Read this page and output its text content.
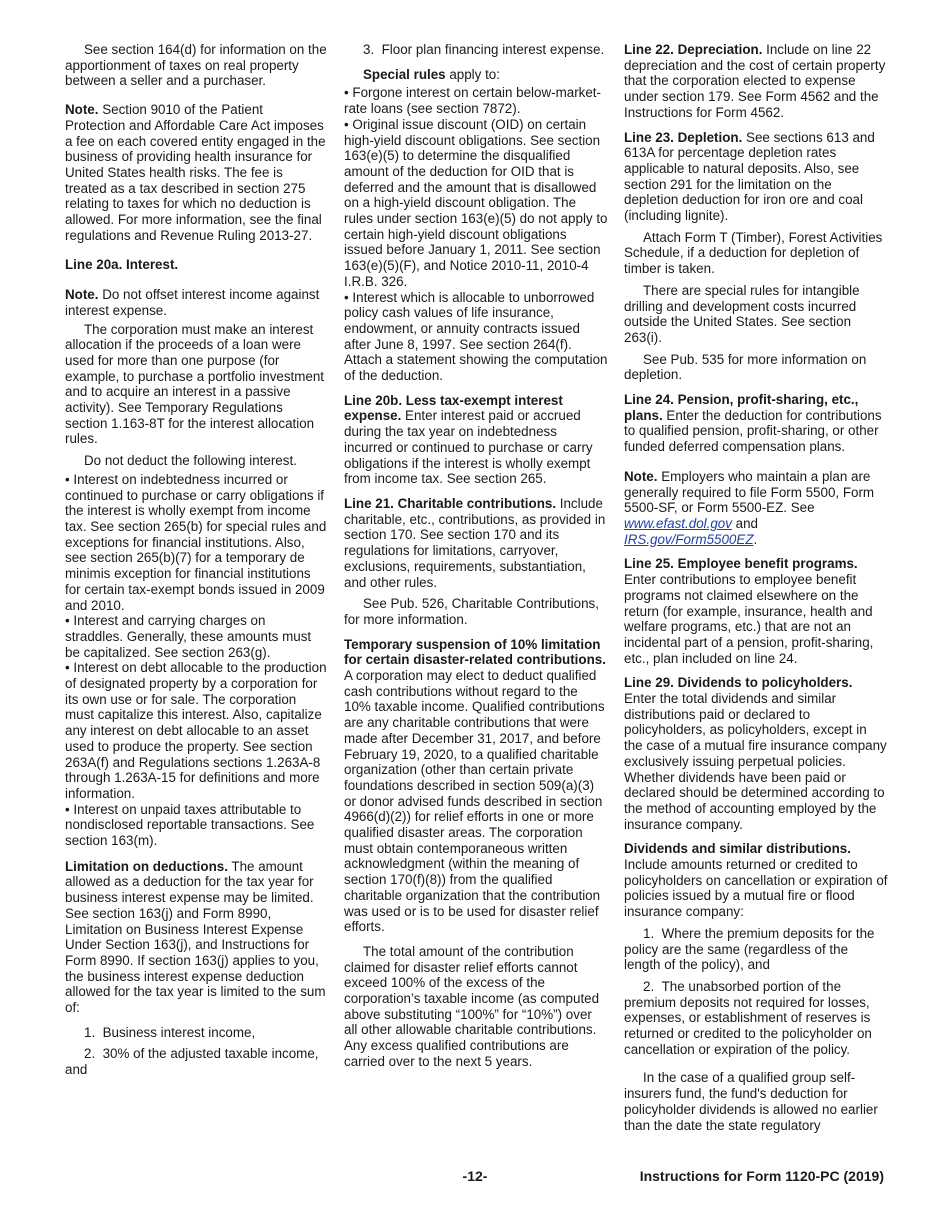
See section 164(d) for information on the apportionment of taxes on real property between a seller and a purchaser.

Note. Section 9010 of the Patient Protection and Affordable Care Act imposes a fee on each covered entity engaged in the business of providing health insurance for United States health risks. The fee is treated as a tax described in section 275 relating to taxes for which no deduction is allowed. For more information, see the final regulations and Revenue Ruling 2013-27.

Line 20a. Interest.

Note. Do not offset interest income against interest expense.

The corporation must make an interest allocation if the proceeds of a loan were used for more than one purpose (for example, to purchase a portfolio investment and to acquire an interest in a passive activity). See Temporary Regulations section 1.163-8T for the interest allocation rules.

Do not deduct the following interest.

• Interest on indebtedness incurred or continued to purchase or carry obligations if the interest is wholly exempt from income tax. See section 265(b) for special rules and exceptions for financial institutions. Also, see section 265(b)(7) for a temporary de minimis exception for financial institutions for certain tax-exempt bonds issued in 2009 and 2010.

• Interest and carrying charges on straddles. Generally, these amounts must be capitalized. See section 263(g).

• Interest on debt allocable to the production of designated property by a corporation for its own use or for sale. The corporation must capitalize this interest. Also, capitalize any interest on debt allocable to an asset used to produce the property. See section 263A(f) and Regulations sections 1.263A-8 through 1.263A-15 for definitions and more information.

• Interest on unpaid taxes attributable to nondisclosed reportable transactions. See section 163(m).

Limitation on deductions. The amount allowed as a deduction for the tax year for business interest expense may be limited. See section 163(j) and Form 8990, Limitation on Business Interest Expense Under Section 163(j), and Instructions for Form 8990. If section 163(j) applies to you, the business interest expense deduction allowed for the tax year is limited to the sum of:

1.  Business interest income,

2.  30% of the adjusted taxable income, and

3.  Floor plan financing interest expense.

Special rules apply to:

• Forgone interest on certain below-market-rate loans (see section 7872).

• Original issue discount (OID) on certain high-yield discount obligations. See section 163(e)(5) to determine the disqualified amount of the deduction for OID that is deferred and the amount that is disallowed on a high-yield discount obligation. The rules under section 163(e)(5) do not apply to certain high-yield discount obligations issued before January 1, 2011. See section 163(e)(5)(F), and Notice 2010-11, 2010-4 I.R.B. 326.

• Interest which is allocable to unborrowed policy cash values of life insurance, endowment, or annuity contracts issued after June 8, 1997. See section 264(f). Attach a statement showing the computation of the deduction.

Line 20b. Less tax-exempt interest expense. Enter interest paid or accrued during the tax year on indebtedness incurred or continued to purchase or carry obligations if the interest is wholly exempt from income tax. See section 265.

Line 21. Charitable contributions. Include charitable, etc., contributions, as provided in section 170. See section 170 and its regulations for limitations, carryover, exclusions, requirements, substantiation, and other rules.

See Pub. 526, Charitable Contributions, for more information.

Temporary suspension of 10% limitation for certain disaster-related contributions. A corporation may elect to deduct qualified cash contributions without regard to the 10% taxable income. Qualified contributions are any charitable contributions that were made after December 31, 2017, and before February 19, 2020, to a qualified charitable organization (other than certain private foundations described in section 509(a)(3) or donor advised funds described in section 4966(d)(2)) for relief efforts in one or more qualified disaster areas. The corporation must obtain contemporaneous written acknowledgment (within the meaning of section 170(f)(8)) from the qualified charitable organization that the contribution was used or is to be used for disaster relief efforts.

The total amount of the contribution claimed for disaster relief efforts cannot exceed 100% of the excess of the corporation’s taxable income (as computed above substituting “100%” for “10%”) over all other allowable charitable contributions. Any excess qualified contributions are carried over to the next 5 years.

Line 22. Depreciation. Include on line 22 depreciation and the cost of certain property that the corporation elected to expense under section 179. See Form 4562 and the Instructions for Form 4562.

Line 23. Depletion. See sections 613 and 613A for percentage depletion rates applicable to natural deposits. Also, see section 291 for the limitation on the depletion deduction for iron ore and coal (including lignite).

Attach Form T (Timber), Forest Activities Schedule, if a deduction for depletion of timber is taken.

There are special rules for intangible drilling and development costs incurred outside the United States. See section 263(i).

See Pub. 535 for more information on depletion.

Line 24. Pension, profit-sharing, etc., plans. Enter the deduction for contributions to qualified pension, profit-sharing, or other funded deferred compensation plans.

Note. Employers who maintain a plan are generally required to file Form 5500, Form 5500-SF, or Form 5500-EZ. See www.efast.dol.gov and IRS.gov/Form5500EZ.

Line 25. Employee benefit programs. Enter contributions to employee benefit programs not claimed elsewhere on the return (for example, insurance, health and welfare programs, etc.) that are not an incidental part of a pension, profit-sharing, etc., plan included on line 24.

Line 29. Dividends to policyholders. Enter the total dividends and similar distributions paid or declared to policyholders, as policyholders, except in the case of a mutual fire insurance company exclusively issuing perpetual policies. Whether dividends have been paid or declared should be determined according to the method of accounting employed by the insurance company.

Dividends and similar distributions. Include amounts returned or credited to policyholders on cancellation or expiration of policies issued by a mutual fire or flood insurance company:

1.  Where the premium deposits for the policy are the same (regardless of the length of the policy), and

2.  The unabsorbed portion of the premium deposits not required for losses, expenses, or establishment of reserves is returned or credited to the policyholder on cancellation or expiration of the policy.

In the case of a qualified group self-insurers fund, the fund's deduction for policyholder dividends is allowed no earlier than the date the state regulatory

-12-	Instructions for Form 1120-PC (2019)
